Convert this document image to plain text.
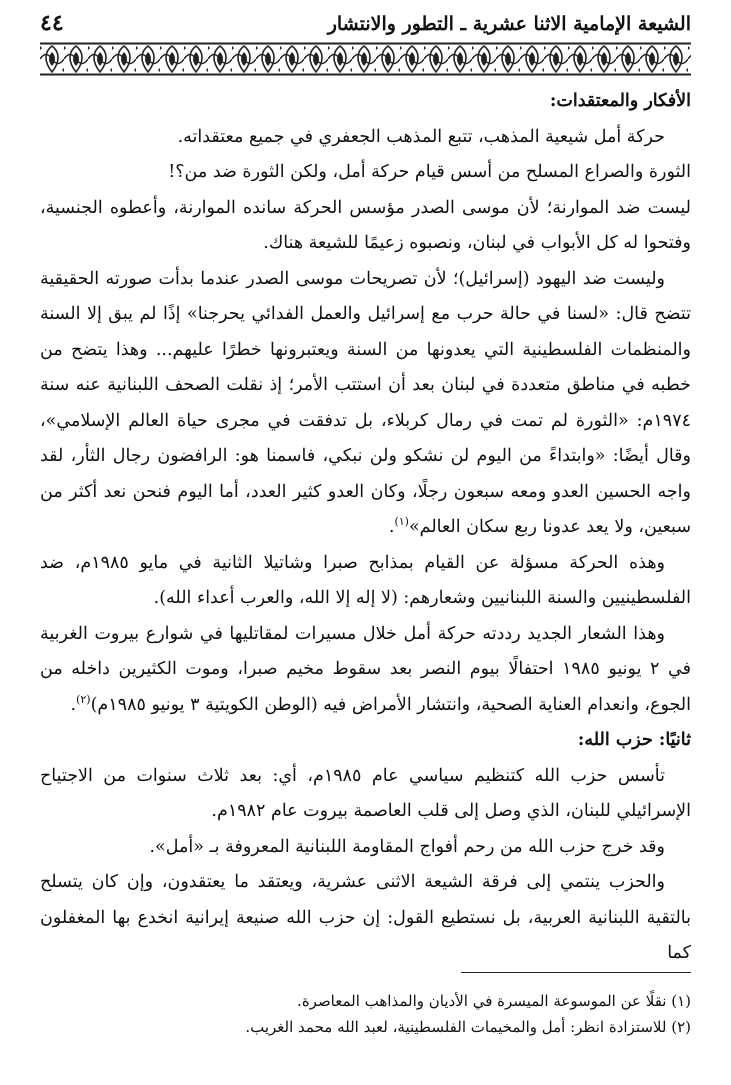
الشيعة الإمامية الاثنا عشرية ـ التطور والانتشار
٤٤

الأفكار والمعتقدات:

حركة أمل شيعية المذهب، تتبع المذهب الجعفري في جميع معتقداته.

الثورة والصراع المسلح من أسس قيام حركة أمل، ولكن الثورة ضد من؟!

ليست ضد الموارنة؛ لأن موسى الصدر مؤسس الحركة سانده الموارنة، وأعطوه الجنسية، وفتحوا له كل الأبواب في لبنان، ونصبوه زعيمًا للشيعة هناك.

وليست ضد اليهود (إسرائيل)؛ لأن تصريحات موسى الصدر عندما بدأت صورته الحقيقية تتضح قال: «لسنا في حالة حرب مع إسرائيل والعمل الفدائي يحرجنا» إذًا لم يبق إلا السنة والمنظمات الفلسطينية التي يعدونها من السنة ويعتبرونها خطرًا عليهم... وهذا يتضح من خطبه في مناطق متعددة في لبنان بعد أن استتب الأمر؛ إذ نقلت الصحف اللبنانية عنه سنة ١٩٧٤م: «الثورة لم تمت في رمال كربلاء، بل تدفقت في مجرى حياة العالم الإسلامي»، وقال أيضًا: «وابتداءً من اليوم لن نشكو ولن نبكي، فاسمنا هو: الرافضون رجال الثأر، لقد واجه الحسين العدو ومعه سبعون رجلًا، وكان العدو كثير العدد، أما اليوم فنحن نعد أكثر من سبعين، ولا يعد عدونا ربع سكان العالم»$^{(١)}$.

وهذه الحركة مسؤلة عن القيام بمذابح صبرا وشاتيلا الثانية في مايو ١٩٨٥م، ضد الفلسطينيين والسنة اللبنانيين وشعارهم: (لا إله إلا الله، والعرب أعداء الله).

وهذا الشعار الجديد رددته حركة أمل خلال مسيرات لمقاتليها في شوارع بيروت الغربية في ٢ يونيو ١٩٨٥ احتفالًا بيوم النصر بعد سقوط مخيم صبرا، وموت الكثيرين داخله من الجوع، وانعدام العناية الصحية، وانتشار الأمراض فيه (الوطن الكويتية ٣ يونيو ١٩٨٥م)$^{(٢)}$.

ثانيًا: حزب الله:

تأسس حزب الله كتنظيم سياسي عام ١٩٨٥م، أي: بعد ثلاث سنوات من الاجتياح الإسرائيلي للبنان، الذي وصل إلى قلب العاصمة بيروت عام ١٩٨٢م.

وقد خرج حزب الله من رحم أفواج المقاومة اللبنانية المعروفة بـ «أمل».

والحزب ينتمي إلى فرقة الشيعة الاثنى عشرية، ويعتقد ما يعتقدون، وإن كان يتسلح بالتقية اللبنانية العربية، بل نستطيع القول: إن حزب الله صنيعة إيرانية انخدع بها المغفلون كما

(١) نقلًا عن الموسوعة الميسرة في الأديان والمذاهب المعاصرة.

(٢) للاستزادة انظر: أمل والمخيمات الفلسطينية، لعبد الله محمد الغريب.
